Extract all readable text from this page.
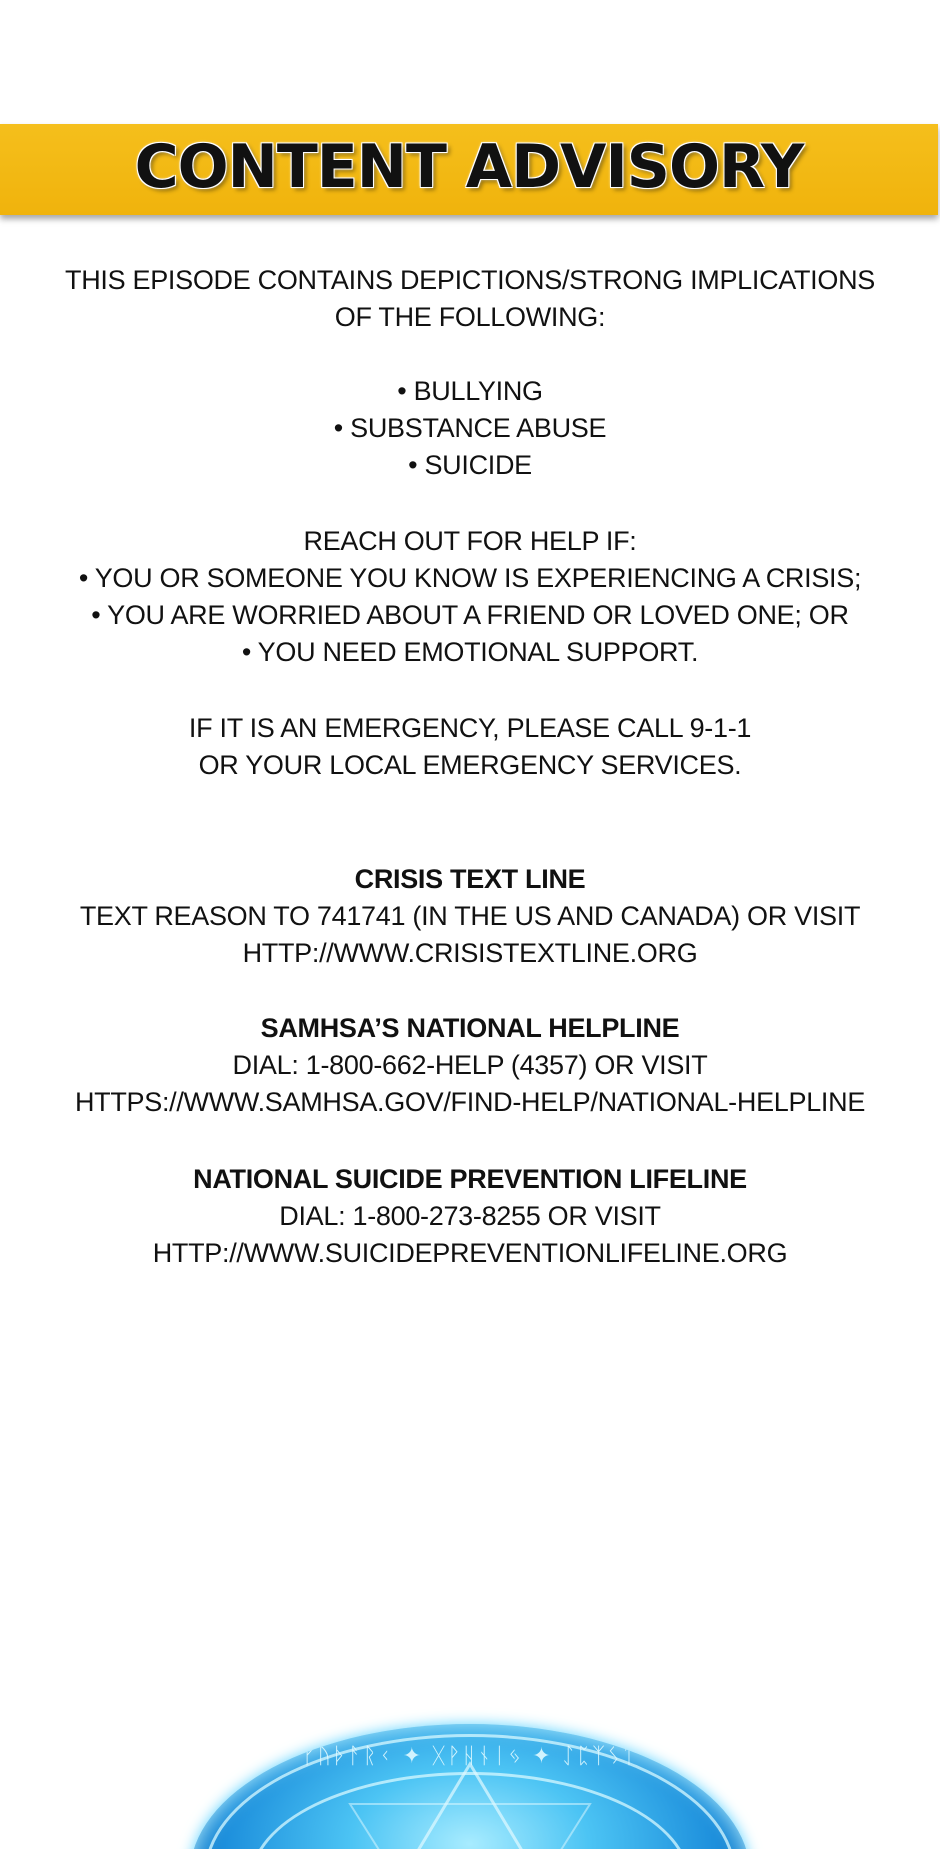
CONTENT ADVISORY
THIS EPISODE CONTAINS DEPICTIONS/STRONG IMPLICATIONS
OF THE FOLLOWING:
• BULLYING
• SUBSTANCE ABUSE
• SUICIDE
REACH OUT FOR HELP IF:
• YOU OR SOMEONE YOU KNOW IS EXPERIENCING A CRISIS;
• YOU ARE WORRIED ABOUT A FRIEND OR LOVED ONE; OR
• YOU NEED EMOTIONAL SUPPORT.
IF IT IS AN EMERGENCY, PLEASE CALL 9-1-1
OR YOUR LOCAL EMERGENCY SERVICES.
CRISIS TEXT LINE
TEXT REASON TO 741741 (IN THE US AND CANADA) OR VISIT
HTTP://WWW.CRISISTEXTLINE.ORG
SAMHSA’S NATIONAL HELPLINE
DIAL: 1-800-662-HELP (4357) OR VISIT
HTTPS://WWW.SAMHSA.GOV/FIND-HELP/NATIONAL-HELPLINE
NATIONAL SUICIDE PREVENTION LIFELINE
DIAL: 1-800-273-8255 OR VISIT
HTTP://WWW.SUICIDEPREVENTIONLIFELINE.ORG
ᚠᚢᚦᚨᚱᚲ ✦ ᚷᚹᚺᚾᛁᛃ ✦ ᛇᛈᛉᛊᛏ
